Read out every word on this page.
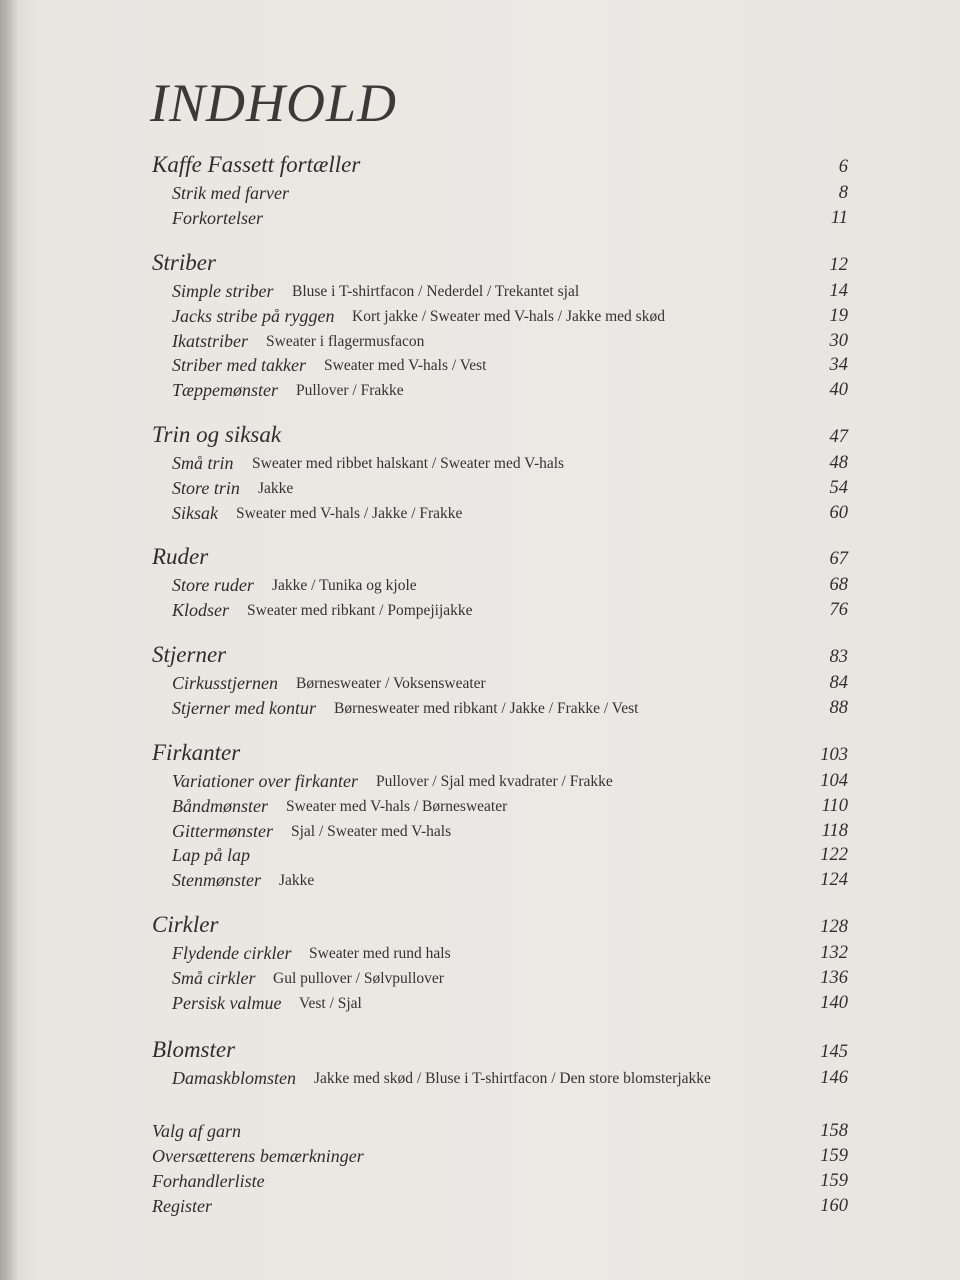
INDHOLD
Kaffe Fassett fortæller	6
Strik med farver	8
Forkortelser	11
Striber	12
Simple striber Bluse i T-shirtfacon / Nederdel / Trekantet sjal	14
Jacks stribe på ryggen Kort jakke / Sweater med V-hals / Jakke med skød	19
Ikatstriber Sweater i flagermusfacon	30
Striber med takker Sweater med V-hals / Vest	34
Tæppemønster Pullover / Frakke	40
Trin og siksak	47
Små trin Sweater med ribbet halskant / Sweater med V-hals	48
Store trin Jakke	54
Siksak Sweater med V-hals / Jakke / Frakke	60
Ruder	67
Store ruder Jakke / Tunika og kjole	68
Klodser Sweater med ribkant / Pompejijakke	76
Stjerner	83
Cirkusstjernen Børnesweater / Voksensweater	84
Stjerner med kontur Børnesweater med ribkant / Jakke / Frakke / Vest	88
Firkanter	103
Variationer over firkanter Pullover / Sjal med kvadrater / Frakke	104
Båndmønster Sweater med V-hals / Børnesweater	110
Gittermønster Sjal / Sweater med V-hals	118
Lap på lap	122
Stenmønster Jakke	124
Cirkler	128
Flydende cirkler Sweater med rund hals	132
Små cirkler Gul pullover / Sølvpullover	136
Persisk valmue Vest / Sjal	140
Blomster	145
Damaskblomsten Jakke med skød / Bluse i T-shirtfacon / Den store blomsterjakke	146
Valg af garn	158
Oversætterens bemærkninger	159
Forhandlerliste	159
Register	160
